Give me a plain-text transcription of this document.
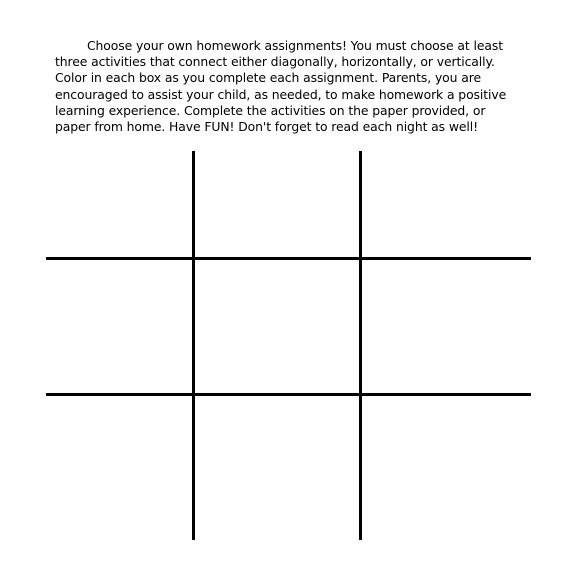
Choose your own homework assignments! You must choose at least
three activities that connect either diagonally, horizontally, or vertically.
Color in each box as you complete each assignment. Parents, you are
encouraged to assist your child, as needed, to make homework a positive
learning experience. Complete the activities on the paper provided, or
paper from home. Have FUN! Don't forget to read each night as well!
